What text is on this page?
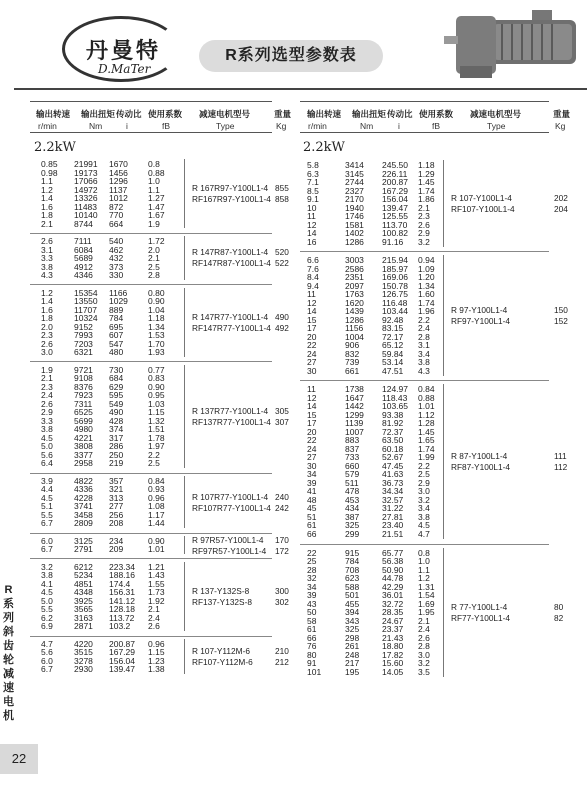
丹曼特
D.MaTer
R系列选型参数表
输出转速 输出扭矩 传动比 使用系数 减速电机型号	重量
r/min	Nm	i	fB	Type	Kg
输出转速 输出扭矩 传动比 使用系数 减速电机型号	重量
r/min	Nm	i	fB	Type	Kg
2.2kW	2.2kW
0.85 21991 1670 0.8
0.98 19173 1456 0.88
1.1 17066 1296 1.0
1.2 14972 1137 1.1
1.4 13326 1012 1.27
1.6 11483 872	1.47
1.8 10140 770	1.67
2.1 8744 664	1.9
R 167R97-Y100L1-4 855
RF167R97-Y100L1-4 858
2.6 7111 540	1.72
3.1 6084 462	2.0
3.3 5689 432	2.1
3.8 4912 373	2.5
4.3 4346 330	2.8
R 147R87-Y100L1-4 520
RF147R87-Y100L1-4 522
1.2 15354 1166 0.80
1.4 13550 1029 0.90
1.6 11707 889	1.04
1.8 10324 784	1.18
2.0 9152 695	1.34
2.3 7993 607	1.53
2.6 7203 547	1.70
3.0 6321 480	1.93
R 147R77-Y100L1-4 490
RF147R77-Y100L1-4 492
1.9 9721 730	0.77
2.1 9108 684	0.83
2.3 8376 629	0.90
2.4 7923 595	0.95
2.6 7311 549	1.03
2.9 6525 490	1.15
3.3 5699 428	1.32
3.8 4980 374	1.51
4.5 4221 317	1.78
5.0 3808 286	1.97
5.6 3377 250	2.2
6.4 2958 219	2.5
R 137R77-Y100L1-4 305
RF137R77-Y100L1-4 307
3.9 4822 357	0.84
4.4 4336 321	0.93
4.5 4228 313	0.96
5.1 3741 277	1.08
5.5 3458 256	1.17
6.7 2809 208	1.44
R 107R77-Y100L1-4 240
RF107R77-Y100L1-4 242
6.0 3125 234	0.90
6.7 2791 209	1.01
R 97R57-Y100L1-4 170
RF97R57-Y100L1-4 172
3.2 6212 223.34 1.21
3.8 5234 188.16 1.43
4.1 4851 174.4 1.55
4.5 4348 156.31 1.73
5.0 3925 141.12 1.92
5.5 3565 128.18 2.1
6.2 3163 113.72 2.4
6.9 2871 103.2 2.6
R 137-Y132S-8	300
RF137-Y132S-8	302
4.7 4220 200.87 0.96
5.6 3515 167.29 1.15
6.0 3278 156.04 1.23
6.7 2930 139.47 1.38
R 107-Y112M-6	210
RF107-Y112M-6	212
5.8	3414 245.50 1.18
6.3	3145 226.11 1.29
7.1	2744 200.87 1.45
8.5	2327 167.29 1.74
9.1	2170 156.04 1.86
10	1940 139.47 2.1
11	1746 125.55 2.3
12	1581 113.70 2.6
14	1402 100.82 2.9
16	1286 91.16 3.2
R 107-Y100L1-4	202
RF107-Y100L1-4	204
6.6	3003 215.94 0.94
7.6	2586 185.97 1.09
8.4	2351 169.06 1.20
9.4	2097 150.78 1.34
11	1763 126.75 1.60
12	1620 116.48 1.74
14	1439 103.44 1.96
15	1286 92.48 2.2
17	1156 83.15 2.4
20	1004 72.17 2.8
22	906	65.12 3.1
24	832	59.84 3.4
27	739	53.14 3.8
30	661	47.51 4.3
R 97-Y100L1-4	150
RF97-Y100L1-4	152
11	1738 124.97 0.84
12	1647 118.43 0.88
14	1442 103.65 1.01
15	1299 93.38 1.12
17	1139 81.92 1.28
20	1007 72.37 1.45
22	883	63.50 1.65
24	837	60.18 1.74
27	733	52.67 1.99
30	660	47.45 2.2
34	579	41.63 2.5
39	511	36.73 2.9
41	478	34.34 3.0
48	453	32.57 3.2
45	434	31.22 3.4
51	387	27.81 3.8
61	325	23.40 4.5
66	299	21.51 4.7
R 87-Y100L1-4	111
RF87-Y100L1-4	112
22	915	65.77 0.8
25	784	56.38 1.0
28	708	50.90 1.1
32	623	44.78 1.2
34	588	42.29 1.31
39	501	36.01 1.54
43	455	32.72 1.69
50	394	28.35 1.95
58	343	24.67 2.1
61	325	23.37 2.4
66	298	21.43 2.6
76	261	18.80 2.8
80	248	17.82 3.0
91	217	15.60 3.2
101	195	14.05 3.5
R 77-Y100L1-4	80
RF77-Y100L1-4	82
R系列斜齿轮减速电机
22
